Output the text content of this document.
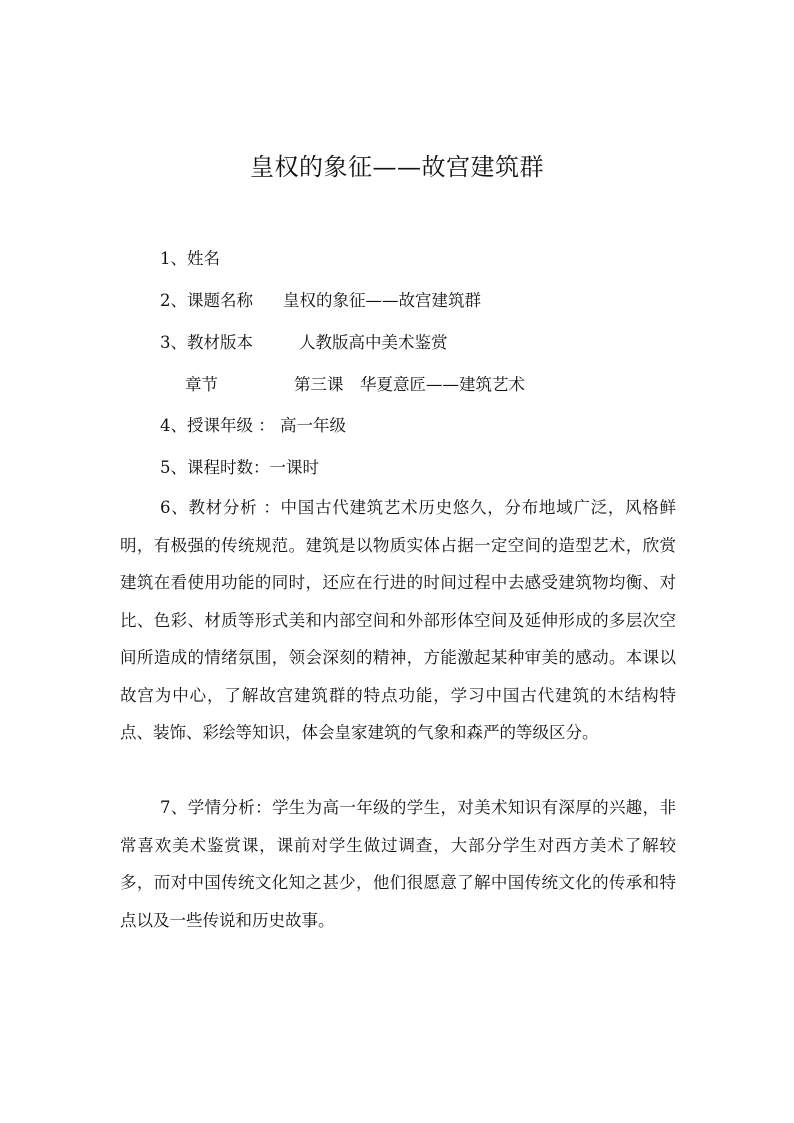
皇权的象征——故宫建筑群
1、姓名
2、课题名称 皇权的象征——故宫建筑群
3、教材版本	人教版高中美术鉴赏
章节	第三课　华夏意匠——建筑艺术
4、授课年级 ： 高一年级
5、课程时数：一课时

6、教材分析 ：中国古代建筑艺术历史悠久，分布地域广泛，风格鲜明，有极强的传统规范。建筑是以物质实体占据一定空间的造型艺术，欣赏建筑在看使用功能的同时，还应在行进的时间过程中去感受建筑物均衡、对比、色彩、材质等形式美和内部空间和外部形体空间及延伸形成的多层次空间所造成的情绪氛围，领会深刻的精神，方能激起某种审美的感动。本课以故宫为中心，了解故宫建筑群的特点功能，学习中国古代建筑的木结构特点、装饰、彩绘等知识，体会皇家建筑的气象和森严的等级区分。

7、学情分析：学生为高一年级的学生，对美术知识有深厚的兴趣，非常喜欢美术鉴赏课，课前对学生做过调查，大部分学生对西方美术了解较多，而对中国传统文化知之甚少，他们很愿意了解中国传统文化的传承和特点以及一些传说和历史故事。
